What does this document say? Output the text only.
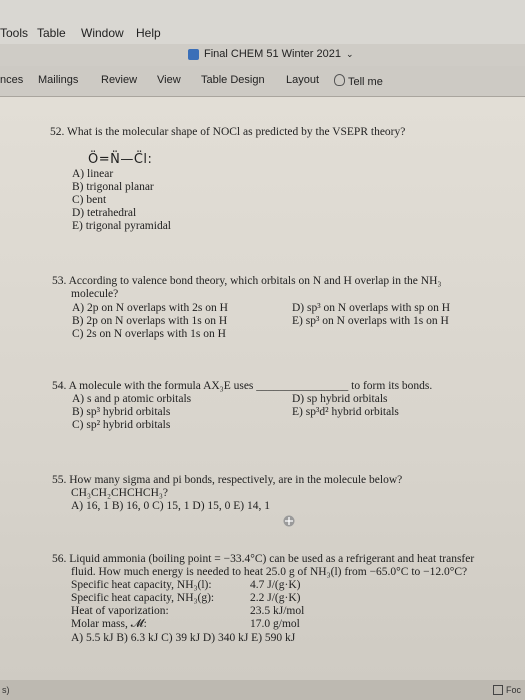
Tools Table Window Help
Final CHEM 51 Winter 2021 ⌄
nces Mailings Review View Table Design Layout	Tell me
52. What is the molecular shape of NOCl as predicted by the VSEPR theory?
Ö=N̈—C̈l:
A) linear
B) trigonal planar
C) bent
D) tetrahedral
E) trigonal pyramidal
53. According to valence bond theory, which orbitals on N and H overlap in the NH₃
molecule?
A) 2p on N overlaps with 2s on H
B) 2p on N overlaps with 1s on H
C) 2s on N overlaps with 1s on H
D) sp³ on N overlaps with sp on H
E) sp³ on N overlaps with 1s on H
54. A molecule with the formula AX₃E uses ________________ to form its bonds.
A) s and p atomic orbitals
B) sp³ hybrid orbitals
C) sp² hybrid orbitals
D) sp hybrid orbitals
E) sp³d² hybrid orbitals
55. How many sigma and pi bonds, respectively, are in the molecule below?
CH₃CH₂CHCHCH₃?
A) 16, 1 B) 16, 0 C) 15, 1 D) 15, 0 E) 14, 1
56. Liquid ammonia (boiling point = −33.4°C) can be used as a refrigerant and heat transfer
fluid. How much energy is needed to heat 25.0 g of NH₃(l) from −65.0°C to −12.0°C?
Specific heat capacity, NH₃(l):
Specific heat capacity, NH₃(g):
Heat of vaporization:
Molar mass, 𝓜:
4.7 J/(g·K)
2.2 J/(g·K)
23.5 kJ/mol
17.0 g/mol
A) 5.5 kJ B) 6.3 kJ C) 39 kJ D) 340 kJ E) 590 kJ
s)	Foc
